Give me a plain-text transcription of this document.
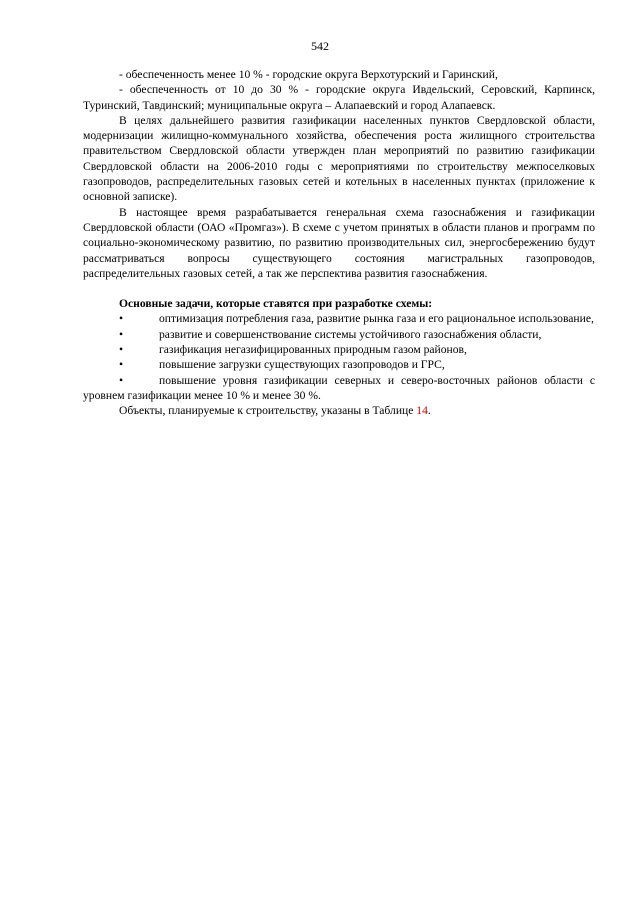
542

- обеспеченность менее 10 % - городские округа Верхотурский и Гаринский,

- обеспеченность от 10 до 30 % - городские округа Ивдельский, Серовский, Карпинск, Туринский, Тавдинский; муниципальные округа – Алапаевский и город Алапаевск.

В целях дальнейшего развития газификации населенных пунктов Свердловской области, модернизации жилищно-коммунального хозяйства, обеспечения роста жилищного строительства правительством Свердловской области утвержден план мероприятий по развитию газификации Свердловской области на 2006-2010 годы с мероприятиями по строительству межпоселковых газопроводов, распределительных газовых сетей и котельных в населенных пунктах (приложение к основной записке).

В настоящее время разрабатывается генеральная схема газоснабжения и газификации Свердловской области (ОАО «Промгаз»). В схеме с учетом принятых в области планов и программ по социально-экономическому развитию, по развитию производительных сил, энергосбережению будут рассматриваться вопросы существующего состояния магистральных газопроводов, распределительных газовых сетей, а так же перспектива развития газоснабжения.

Основные задачи, которые ставятся при разработке схемы:

•	оптимизация потребления газа, развитие рынка газа и его рациональное использование,

•	развитие и совершенствование системы устойчивого газоснабжения области,

•	газификация негазифицированных природным газом районов,

•	повышение загрузки существующих газопроводов и ГРС,

•	повышение уровня газификации северных и северо-восточных районов области с уровнем газификации менее 10 % и менее 30 %.

Объекты, планируемые к строительству, указаны в Таблице 14.
